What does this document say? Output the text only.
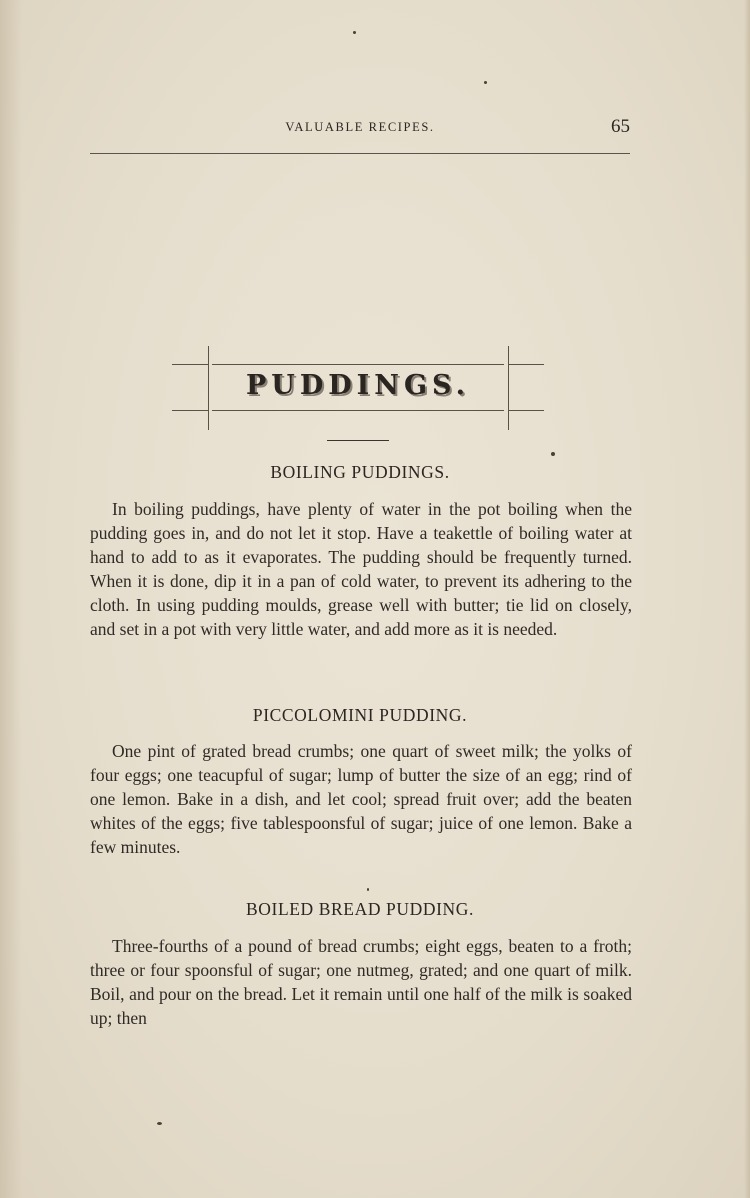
VALUABLE RECIPES.	65
PUDDINGS.
BOILING PUDDINGS.

In boiling puddings, have plenty of water in the pot boiling when the pudding goes in, and do not let it stop. Have a teakettle of boiling water at hand to add to as it evaporates. The pudding should be frequently turned. When it is done, dip it in a pan of cold water, to prevent its adhering to the cloth. In using pudding moulds, grease well with butter; tie lid on closely, and set in a pot with very little water, and add more as it is needed.

PICCOLOMINI PUDDING.

One pint of grated bread crumbs; one quart of sweet milk; the yolks of four eggs; one teacupful of sugar; lump of butter the size of an egg; rind of one lemon. Bake in a dish, and let cool; spread fruit over; add the beaten whites of the eggs; five tablespoonsful of sugar; juice of one lemon. Bake a few minutes.

BOILED BREAD PUDDING.

Three-fourths of a pound of bread crumbs; eight eggs, beaten to a froth; three or four spoonsful of sugar; one nutmeg, grated; and one quart of milk. Boil, and pour on the bread. Let it remain until one half of the milk is soaked up; then
